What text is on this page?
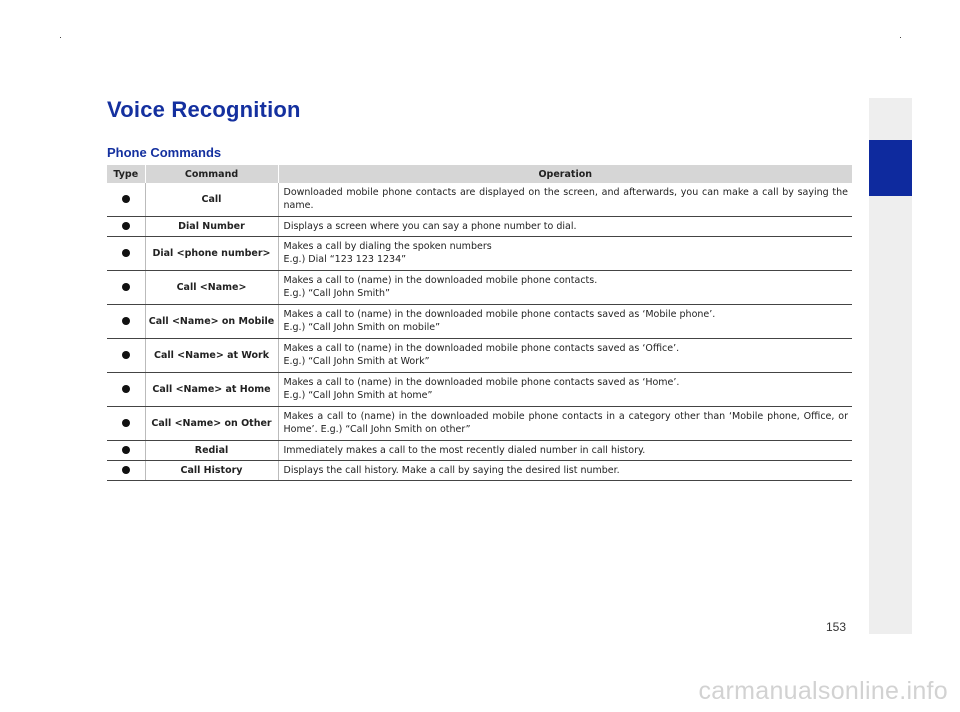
Voice Recognition
Phone Commands
Type	Command	Operation
	Call	Downloaded mobile phone contacts are displayed on the screen, and afterwards, you can make a call by saying the name.

	Dial Number	Displays a screen where you can say a phone number to dial.

	Dial <phone number>	Makes a call by dialing the spoken numbers
E.g.) Dial “123 123 1234”

	Call <Name>	Makes a call to (name) in the downloaded mobile phone contacts.
E.g.) “Call John Smith”

	Call <Name> on Mobile	Makes a call to (name) in the downloaded mobile phone contacts saved as ‘Mobile phone’.
E.g.) “Call John Smith on mobile”

	Call <Name> at Work	Makes a call to (name) in the downloaded mobile phone contacts saved as ‘Office’.
E.g.) “Call John Smith at Work”

	Call <Name> at Home	Makes a call to (name) in the downloaded mobile phone contacts saved as ‘Home’.
E.g.) “Call John Smith at home”

	Call <Name> on Other	Makes a call to (name) in the downloaded mobile phone contacts in a category other than ‘Mobile phone, Office, or Home’. E.g.) “Call John Smith on other”

	Redial	Immediately makes a call to the most recently dialed number in call history.

	Call History	Displays the call history. Make a call by saying the desired list number.
153
carmanualsonline.info
